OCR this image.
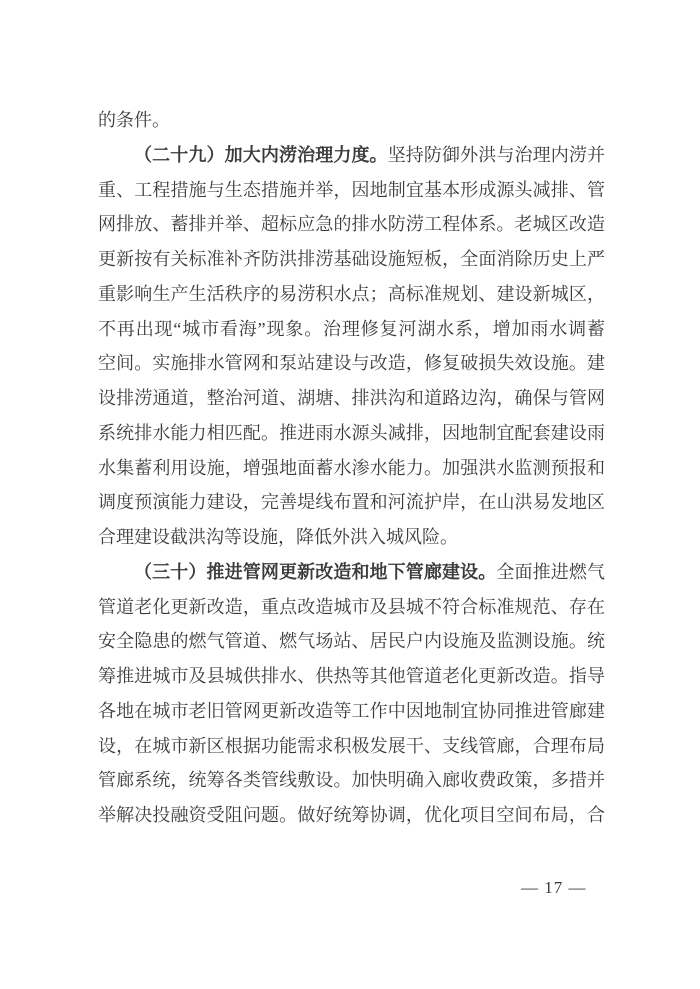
的条件。
（二十九）加大内涝治理力度。坚持防御外洪与治理内涝并
重、工程措施与生态措施并举，因地制宜基本形成源头减排、管
网排放、蓄排并举、超标应急的排水防涝工程体系。老城区改造
更新按有关标准补齐防洪排涝基础设施短板，全面消除历史上严
重影响生产生活秩序的易涝积水点；高标准规划、建设新城区，
不再出现“城市看海”现象。治理修复河湖水系，增加雨水调蓄
空间。实施排水管网和泵站建设与改造，修复破损失效设施。建
设排涝通道，整治河道、湖塘、排洪沟和道路边沟，确保与管网
系统排水能力相匹配。推进雨水源头减排，因地制宜配套建设雨
水集蓄利用设施，增强地面蓄水渗水能力。加强洪水监测预报和
调度预演能力建设，完善堤线布置和河流护岸，在山洪易发地区
合理建设截洪沟等设施，降低外洪入城风险。
（三十）推进管网更新改造和地下管廊建设。全面推进燃气
管道老化更新改造，重点改造城市及县城不符合标准规范、存在
安全隐患的燃气管道、燃气场站、居民户内设施及监测设施。统
筹推进城市及县城供排水、供热等其他管道老化更新改造。指导
各地在城市老旧管网更新改造等工作中因地制宜协同推进管廊建
设，在城市新区根据功能需求积极发展干、支线管廊，合理布局
管廊系统，统筹各类管线敷设。加快明确入廊收费政策，多措并
举解决投融资受阻问题。做好统筹协调，优化项目空间布局，合
— 17 —
